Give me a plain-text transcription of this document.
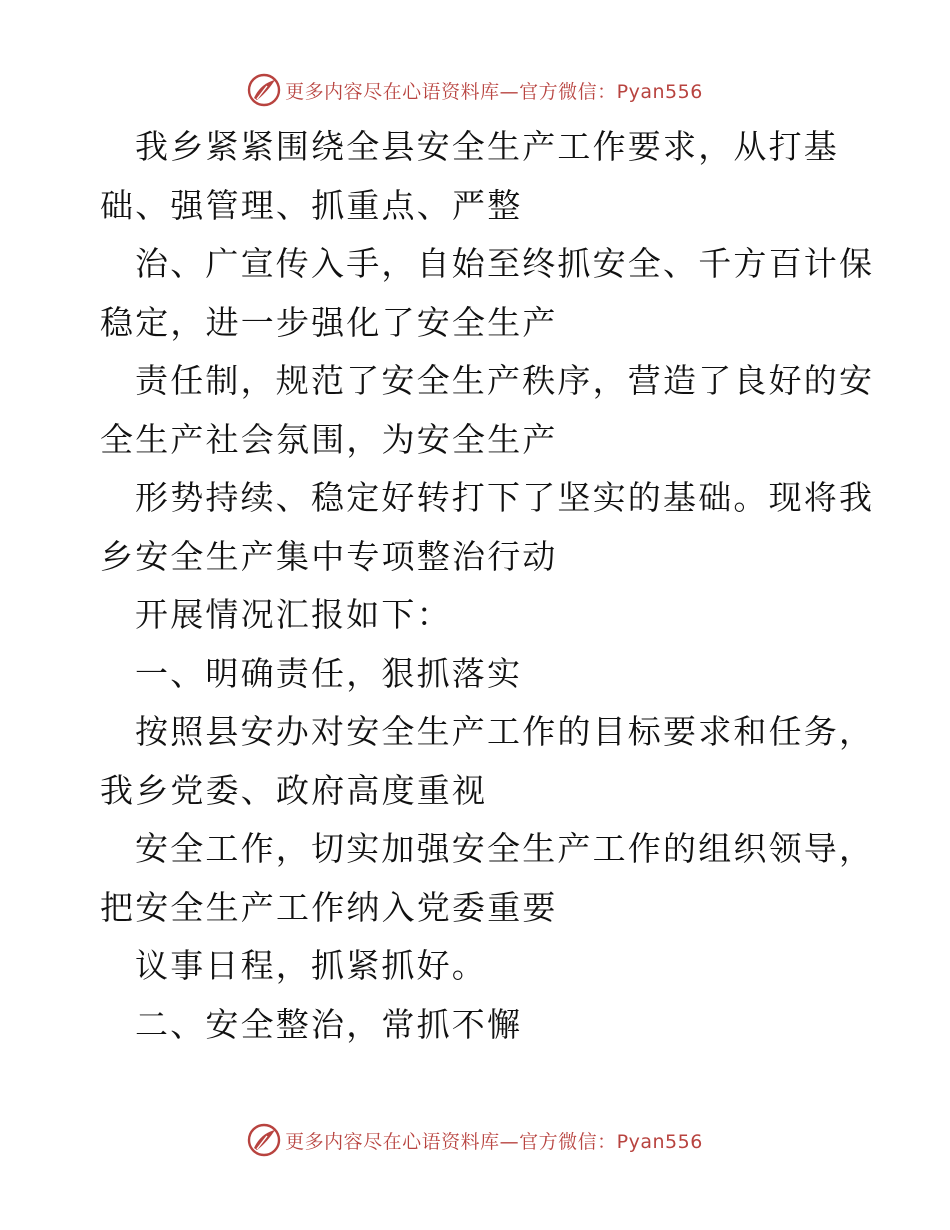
更多内容尽在心语资料库—官方微信：Pyan556

我乡紧紧围绕全县安全生产工作要求，从打基

础、强管理、抓重点、严整

治、广宣传入手，自始至终抓安全、千方百计保

稳定，进一步强化了安全生产

责任制，规范了安全生产秩序，营造了良好的安

全生产社会氛围，为安全生产

形势持续、稳定好转打下了坚实的基础。现将我

乡安全生产集中专项整治行动

开展情况汇报如下：

一、明确责任，狠抓落实

按照县安办对安全生产工作的目标要求和任务，

我乡党委、政府高度重视

安全工作，切实加强安全生产工作的组织领导，

把安全生产工作纳入党委重要

议事日程，抓紧抓好。

二、安全整治，常抓不懈

更多内容尽在心语资料库—官方微信：Pyan556
